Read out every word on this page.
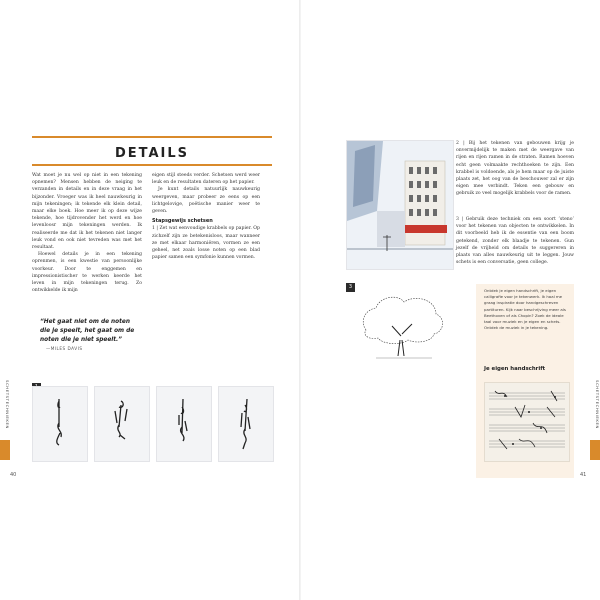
DETAILS

Wat moet je nu wel op niet in een tekening opnemen? Mensen hebben de neiging te verzanden in details en in deze vraag in het bijzonder. Vroeger was ik heel nauwkeurig in mijn tekeningen; ik tekende elk klein detail, maar elke boek. Hoe meer ik op deze wijze tekende, hoe tijdrovender het werd en hoe levenloosr mijn tekeningen werden. Ik realiseerde me dat ik het tekenen niet langer leuk vond en ook niet tevreden was met het resultaat.

Hoewel details je in een tekening oprenmen, is een kwestie van persoonlijke voorkeur. Door te enggemen en impressionistischer te werken keerde het leven in mijn tekeningen terug. Zo ontwikkelde ik mijn

eigen stijl steeds verder. Schetsen werd weer leuk en de resultaten dateren op het papier.

Je kunt details natuurlijk nauwkeurig weergeven, maar probeer ze eens op een lichtgelovige, poëtische manier weer te geven.

Stapsgewijs schetsen

1 | Zet wat eenvoudige krabbels op papier. Op zichzelf zijn ze betekenisloos, maar wanneer ze met elkaar harmoniëren, vormen ze een geheel, net zoals losse noten op een blad papier samen een symfonie kunnen vormen.

“Het gaat niet om de noten die je speelt, het gaat om de noten die je niet speelt.”
—MILES DAVIS
SCHETSTECHNIEKEN
40
2 | Bij het tekenen van gebouwen krijg je onvermijdelijk te maken met de weergave van rijen en rijen ramen in de straten. Ramen hoeven echt geen volmaakte rechthoeken te zijn. Een krabbel is voldoende, als je hem maar op de juiste plaats zet, het oog van de beschouwer zal er zijn eigen mee verbindt. Teken een gebouw en gebruik zo veel mogelijk krabbels voor de ramen.
3 | Gebruik deze techniek om een soort ‘steno’ voor het tekenen van objecten te ontwikkelen. In dit voorbeeld heb ik de essentie van een boom getekend, zonder elk blaadje te tekenen. Gun jezelf de vrijheid om details te suggereren in plaats van alles nauwkeurig uit te leggen. Jouw schets is een conversatie, geen college.
3
Ontdek je eigen handschrift, je eigen calligrafie voor je tekenwerk. Ik haal me graag inspiratie door handgeschreven partituren. Kijk naar beschrijving meer als Beethoven of als Chopin? Zoek de ideale taal voor muziek en je eigen en schets. Ontdek de muziek in je tekening.
Je eigen handschrift
SCHETSTECHNIEKEN
41
